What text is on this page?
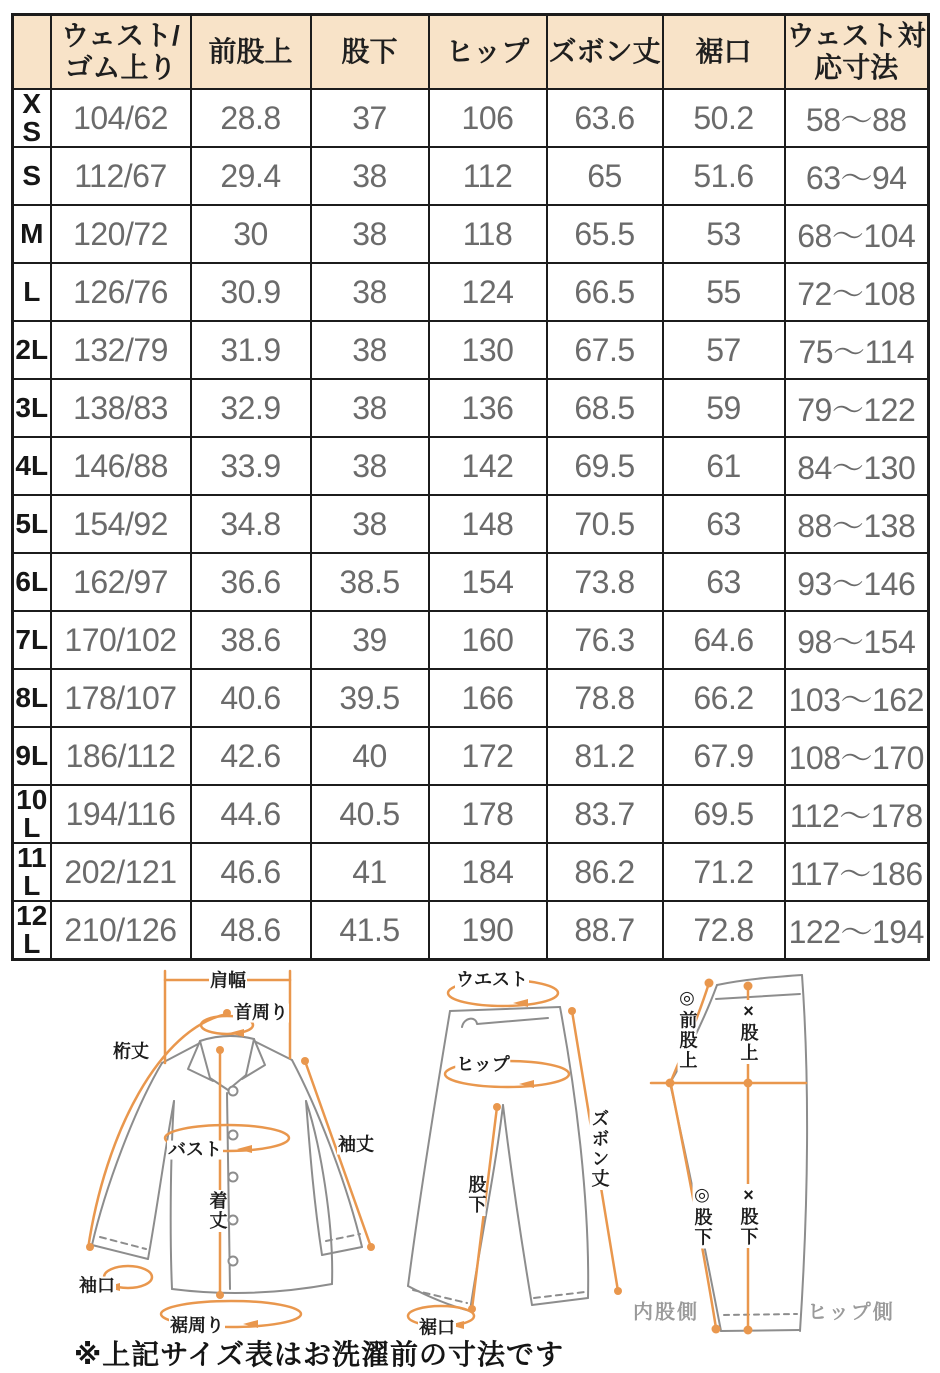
	ウェスト/ゴム上り	前股上	股下	ヒップ	ズボン丈	裾口	ウェスト対応寸法
XS	104/62	28.8	37	106	63.6	50.2	58〜88
S	112/67	29.4	38	112	65	51.6	63〜94
M	120/72	30	38	118	65.5	53	68〜104
L	126/76	30.9	38	124	66.5	55	72〜108
2L	132/79	31.9	38	130	67.5	57	75〜114
3L	138/83	32.9	38	136	68.5	59	79〜122
4L	146/88	33.9	38	142	69.5	61	84〜130
5L	154/92	34.8	38	148	70.5	63	88〜138
6L	162/97	36.6	38.5	154	73.8	63	93〜146
7L	170/102	38.6	39	160	76.3	64.6	98〜154
8L	178/107	40.6	39.5	166	78.8	66.2	103〜162
9L	186/112	42.6	40	172	81.2	67.9	108〜170
10L	194/116	44.6	40.5	178	83.7	69.5	112〜178
11L	202/121	46.6	41	184	86.2	71.2	117〜186
12L	210/126	48.6	41.5	190	88.7	72.8	122〜194
肩幅
首周り
桁丈
バスト	袖丈
着丈
袖口
裾周り
ウエスト
ヒップ
ズボン丈
股下
裾口
◎前股上 ×股上
◎股下 ×股下
内股側	ヒップ側
※上記サイズ表はお洗濯前の寸法です
